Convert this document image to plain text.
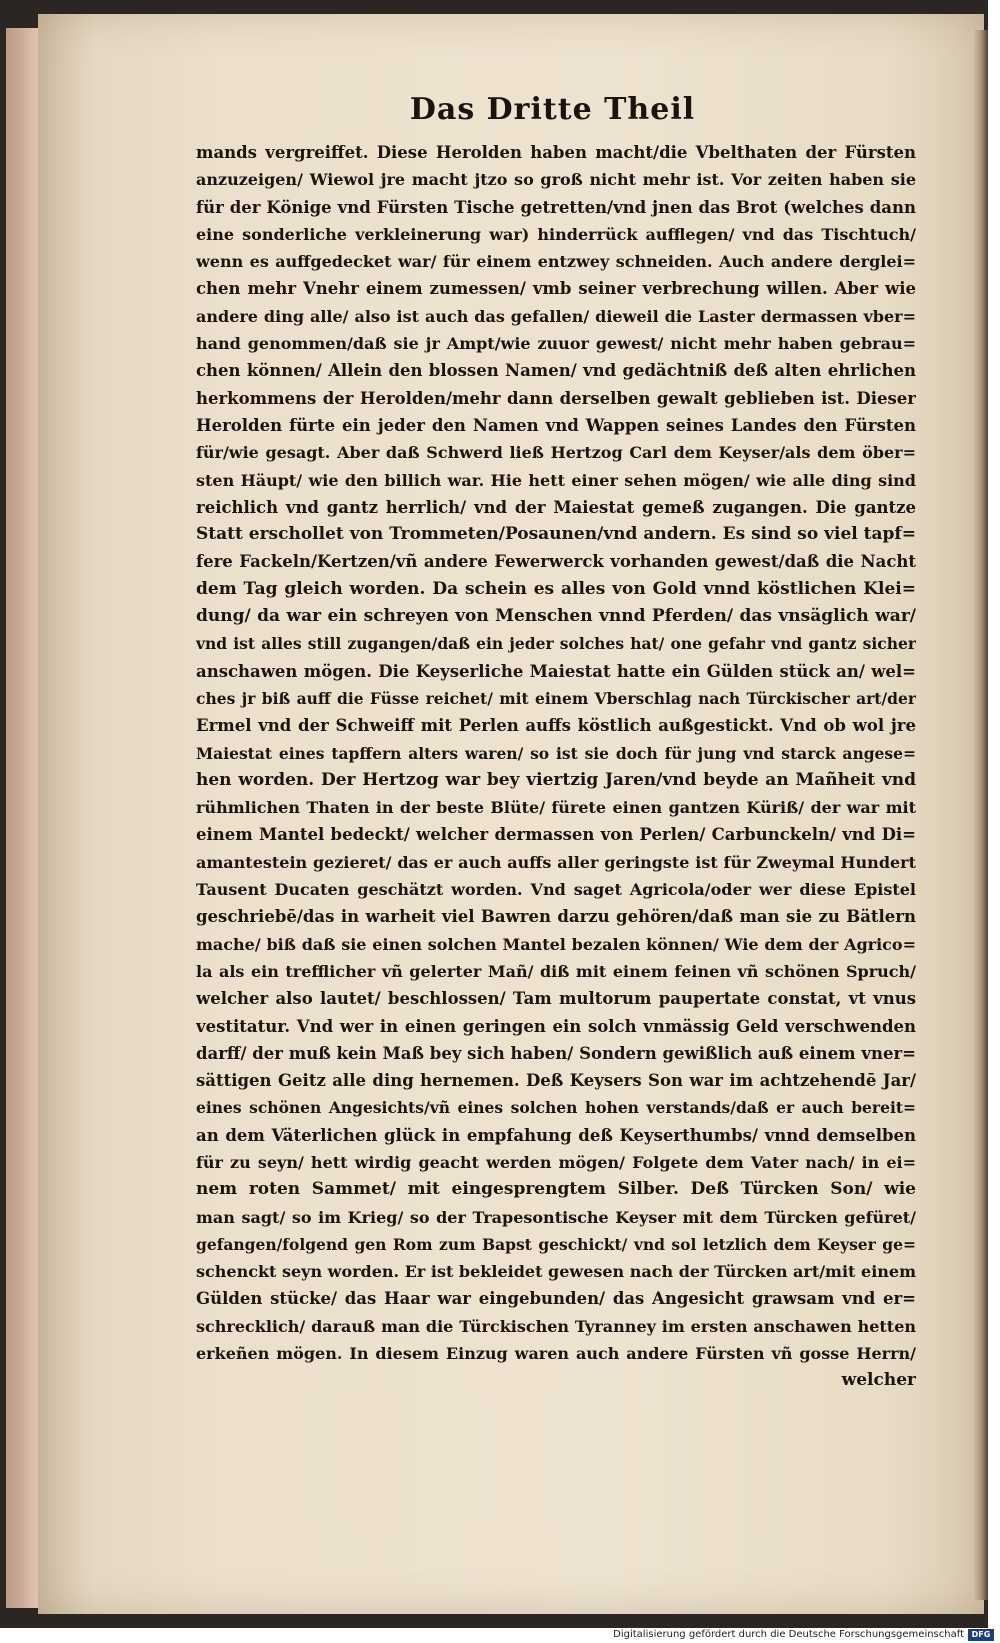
Das Dritte Theil
mands vergreiffet. Diese Herolden haben macht/die Vbelthaten der Fürsten
anzuzeigen/ Wiewol jre macht jtzo so groß nicht mehr ist. Vor zeiten haben sie
für der Könige vnd Fürsten Tische getretten/vnd jnen das Brot (welches dann
eine sonderliche verkleinerung war) hinderrück aufflegen/ vnd das Tischtuch/
wenn es auffgedecket war/ für einem entzwey schneiden. Auch andere derglei=
chen mehr Vnehr einem zumessen/ vmb seiner verbrechung willen. Aber wie
andere ding alle/ also ist auch das gefallen/ dieweil die Laster dermassen vber=
hand genommen/daß sie jr Ampt/wie zuuor gewest/ nicht mehr haben gebrau=
chen können/ Allein den blossen Namen/ vnd gedächtniß deß alten ehrlichen
herkommens der Herolden/mehr dann derselben gewalt geblieben ist. Dieser
Herolden fürte ein jeder den Namen vnd Wappen seines Landes den Fürsten
für/wie gesagt. Aber daß Schwerd ließ Hertzog Carl dem Keyser/als dem öber=
sten Häupt/ wie den billich war. Hie hett einer sehen mögen/ wie alle ding sind
reichlich vnd gantz herrlich/ vnd der Maiestat gemeß zugangen. Die gantze
Statt erschollet von Trommeten/Posaunen/vnd andern. Es sind so viel tapf=
fere Fackeln/Kertzen/vñ andere Fewerwerck vorhanden gewest/daß die Nacht
dem Tag gleich worden. Da schein es alles von Gold vnnd köstlichen Klei=
dung/ da war ein schreyen von Menschen vnnd Pferden/ das vnsäglich war/
vnd ist alles still zugangen/daß ein jeder solches hat/ one gefahr vnd gantz sicher
anschawen mögen. Die Keyserliche Maiestat hatte ein Gülden stück an/ wel=
ches jr biß auff die Füsse reichet/ mit einem Vberschlag nach Türckischer art/der
Ermel vnd der Schweiff mit Perlen auffs köstlich außgestickt. Vnd ob wol jre
Maiestat eines tapffern alters waren/ so ist sie doch für jung vnd starck angese=
hen worden. Der Hertzog war bey viertzig Jaren/vnd beyde an Mañheit vnd
rühmlichen Thaten in der beste Blüte/ fürete einen gantzen Küriß/ der war mit
einem Mantel bedeckt/ welcher dermassen von Perlen/ Carbunckeln/ vnd Di=
amantestein gezieret/ das er auch auffs aller geringste ist für Zweymal Hundert
Tausent Ducaten geschätzt worden. Vnd saget Agricola/oder wer diese Epistel
geschriebē/das in warheit viel Bawren darzu gehören/daß man sie zu Bätlern
mache/ biß daß sie einen solchen Mantel bezalen können/ Wie dem der Agrico=
la als ein trefflicher vñ gelerter Mañ/ diß mit einem feinen vñ schönen Spruch/
welcher also lautet/ beschlossen/ Tam multorum paupertate constat, vt vnus
vestitatur. Vnd wer in einen geringen ein solch vnmässig Geld verschwenden
darff/ der muß kein Maß bey sich haben/ Sondern gewißlich auß einem vner=
sättigen Geitz alle ding hernemen. Deß Keysers Son war im achtzehendē Jar/
eines schönen Angesichts/vñ eines solchen hohen verstands/daß er auch bereit=
an dem Väterlichen glück in empfahung deß Keyserthumbs/ vnnd demselben
für zu seyn/ hett wirdig geacht werden mögen/ Folgete dem Vater nach/ in ei=
nem roten Sammet/ mit eingesprengtem Silber. Deß Türcken Son/ wie
man sagt/ so im Krieg/ so der Trapesontische Keyser mit dem Türcken gefüret/
gefangen/folgend gen Rom zum Bapst geschickt/ vnd sol letzlich dem Keyser ge=
schenckt seyn worden. Er ist bekleidet gewesen nach der Türcken art/mit einem
Gülden stücke/ das Haar war eingebunden/ das Angesicht grawsam vnd er=
schrecklich/ darauß man die Türckischen Tyranney im ersten anschawen hetten
erkeñen mögen. In diesem Einzug waren auch andere Fürsten vñ gosse Herrn/
welcher
Digitalisierung gefördert durch die Deutsche Forschungsgemeinschaft DFG
